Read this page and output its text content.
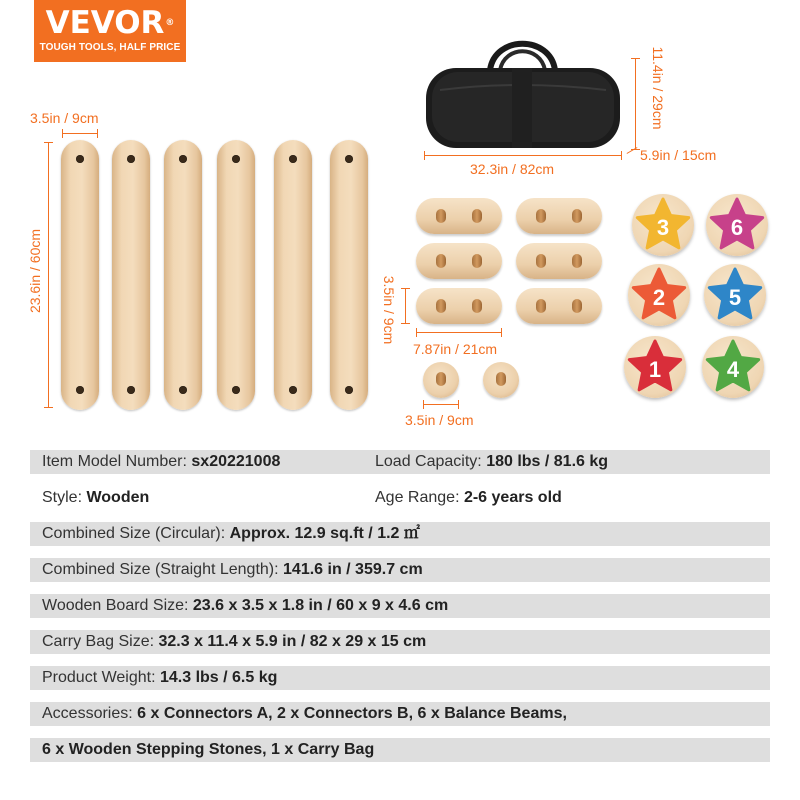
VEVOR®
TOUGH TOOLS, HALF PRICE
3.5in / 9cm
23.6in / 60cm
11.4in / 29cm
32.3in / 82cm
5.9in / 15cm
3.5in / 9cm
7.87in / 21cm
3.5in / 9cm
3	6
2	5
1	4
Item Model Number: sx20221008	Load Capacity: 180 lbs / 81.6 kg
Style: Wooden	Age Range: 2-6 years old
Combined Size (Circular): Approx. 12.9 sq.ft / 1.2 ㎡
Combined Size (Straight Length): 141.6 in / 359.7 cm
Wooden Board Size: 23.6 x 3.5 x 1.8 in / 60 x 9 x 4.6 cm
Carry Bag Size: 32.3 x 11.4 x 5.9 in / 82 x 29 x 15 cm
Product Weight: 14.3 lbs / 6.5 kg
Accessories: 6 x Connectors A, 2 x Connectors B, 6 x Balance Beams,
6 x Wooden Stepping Stones, 1 x Carry Bag
